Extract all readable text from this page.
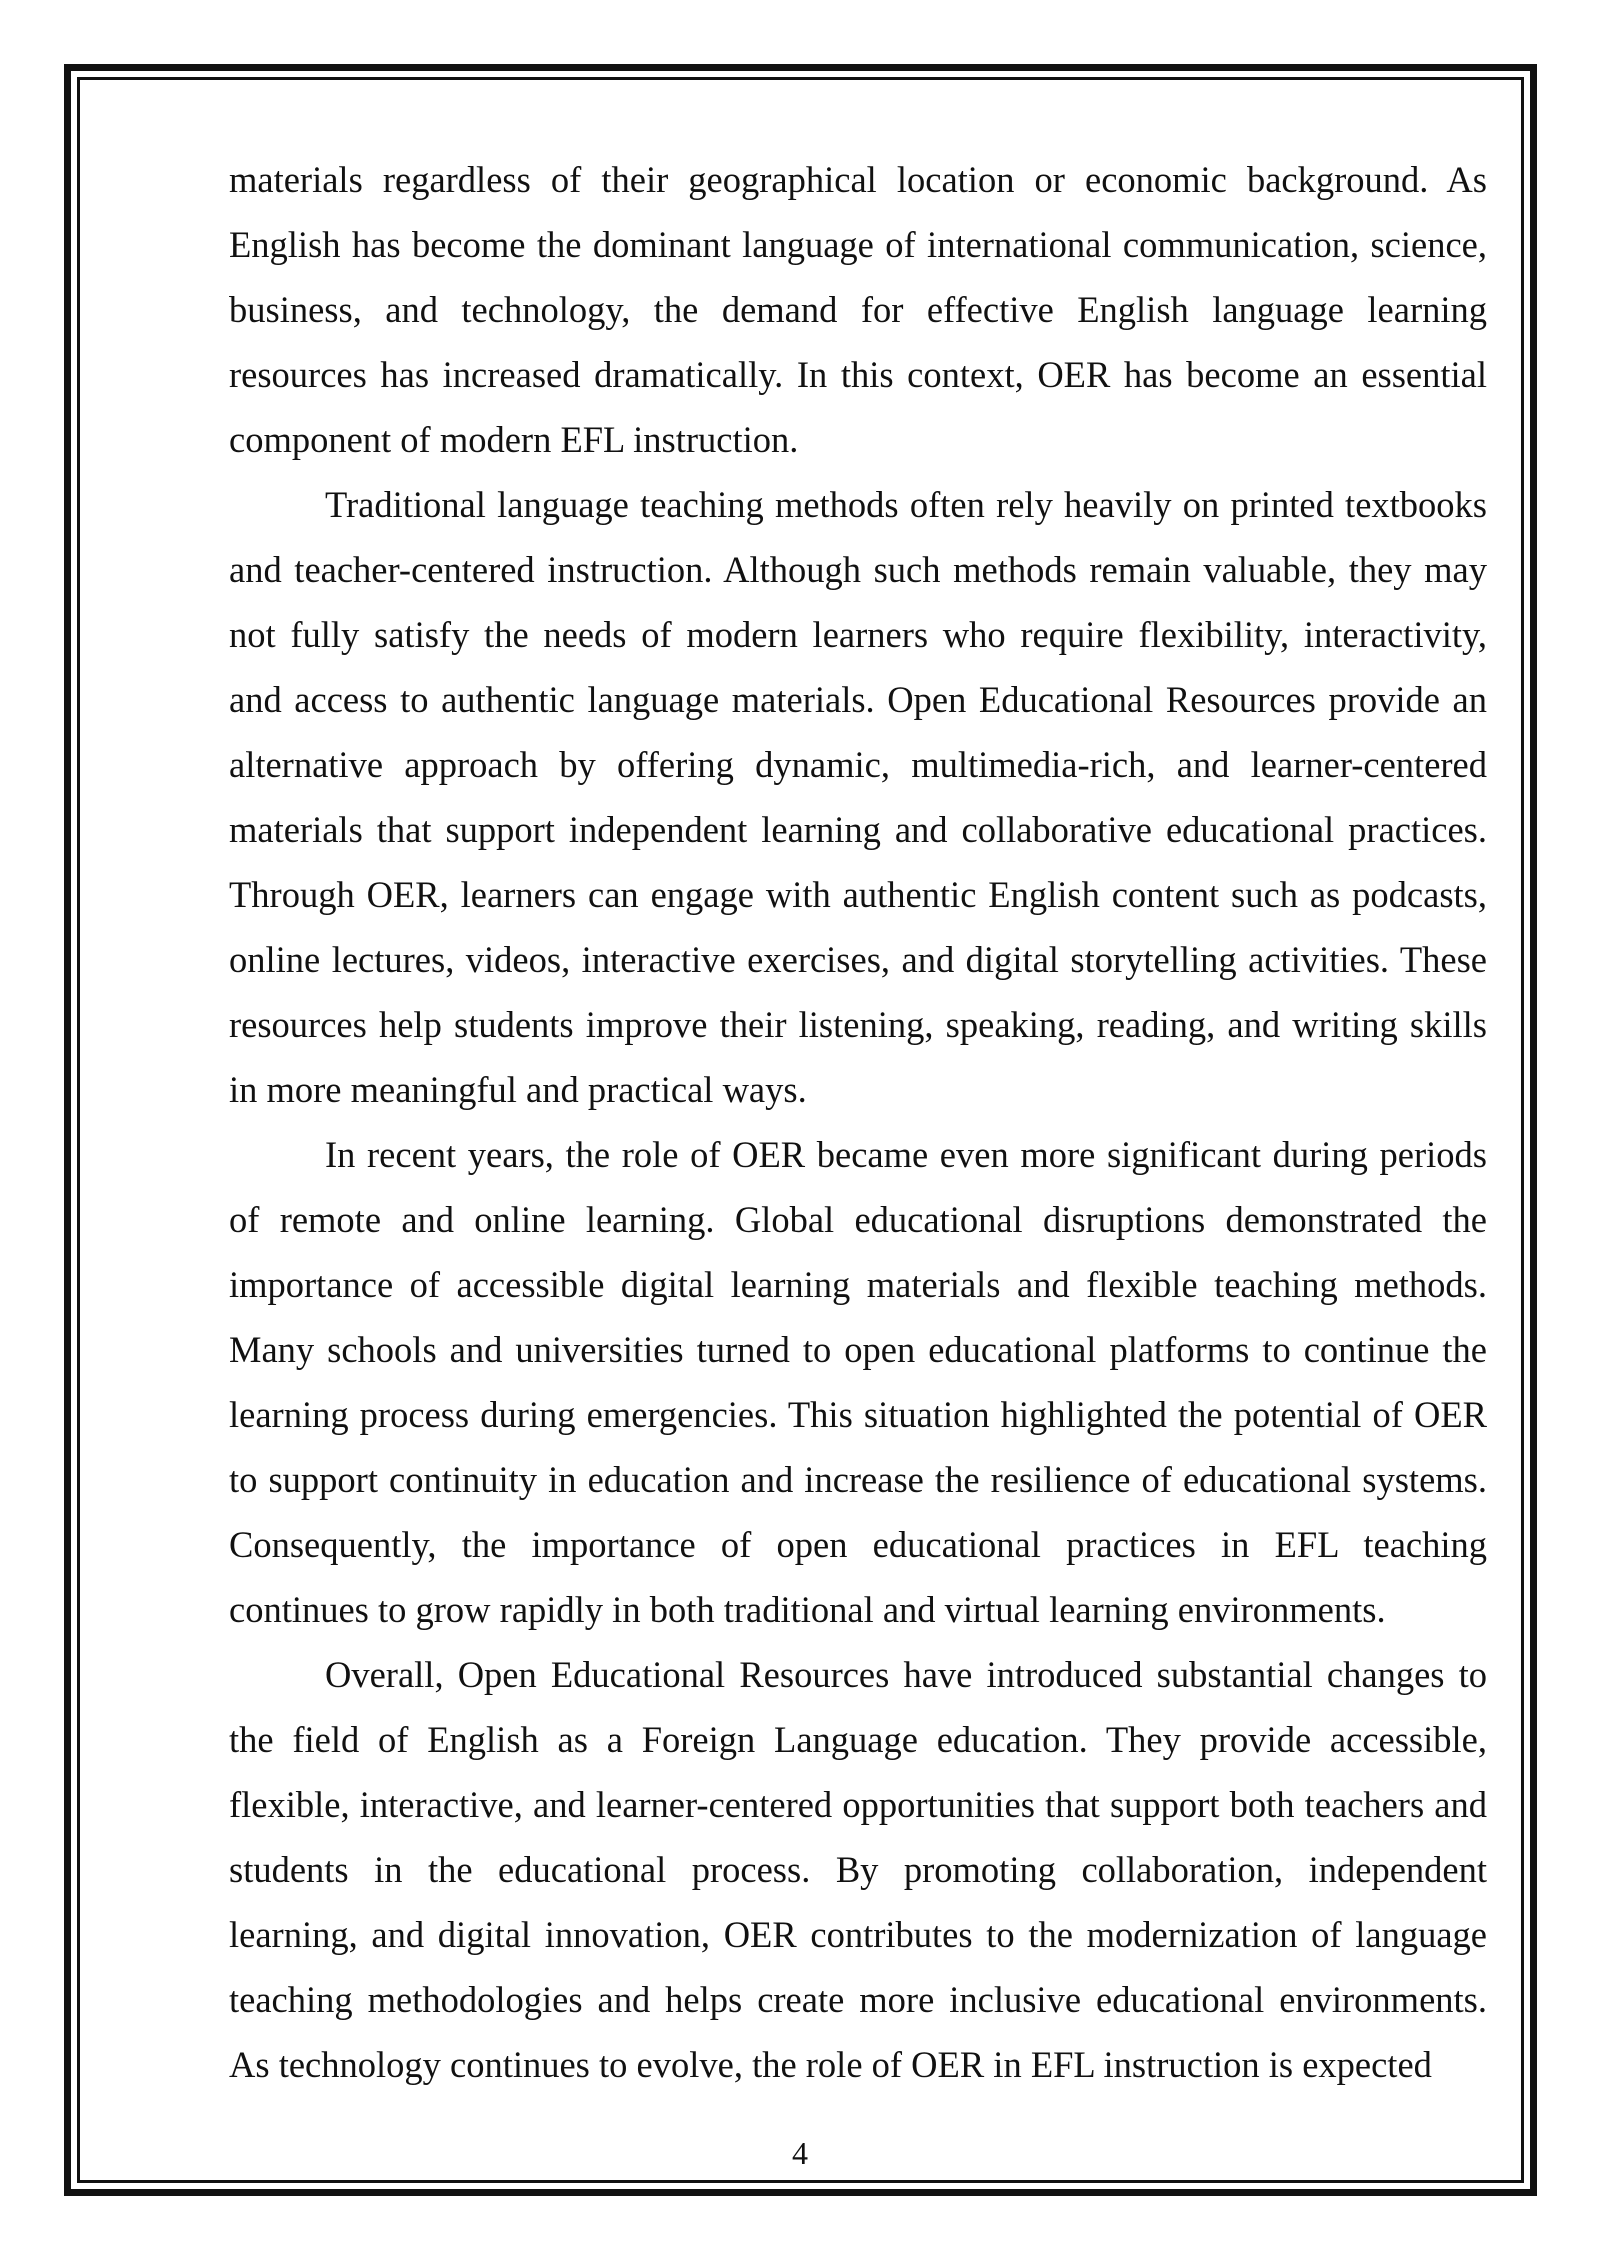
materials regardless of their geographical location or economic background. As English has become the dominant language of international communication, science, business, and technology, the demand for effective English language learning resources has increased dramatically. In this context, OER has become an essential component of modern EFL instruction.

Traditional language teaching methods often rely heavily on printed textbooks and teacher-centered instruction. Although such methods remain valuable, they may not fully satisfy the needs of modern learners who require flexibility, interactivity, and access to authentic language materials. Open Educational Resources provide an alternative approach by offering dynamic, multimedia-rich, and learner-centered materials that support independent learning and collaborative educational practices. Through OER, learners can engage with authentic English content such as podcasts, online lectures, videos, interactive exercises, and digital storytelling activities. These resources help students improve their listening, speaking, reading, and writing skills in more meaningful and practical ways.

In recent years, the role of OER became even more significant during periods of remote and online learning. Global educational disruptions demonstrated the importance of accessible digital learning materials and flexible teaching methods. Many schools and universities turned to open educational platforms to continue the learning process during emergencies. This situation highlighted the potential of OER to support continuity in education and increase the resilience of educational systems. Consequently, the importance of open educational practices in EFL teaching continues to grow rapidly in both traditional and virtual learning environments.

Overall, Open Educational Resources have introduced substantial changes to the field of English as a Foreign Language education. They provide accessible, flexible, interactive, and learner-centered opportunities that support both teachers and students in the educational process. By promoting collaboration, independent learning, and digital innovation, OER contributes to the modernization of language teaching methodologies and helps create more inclusive educational environments. As technology continues to evolve, the role of OER in EFL instruction is expected

4
